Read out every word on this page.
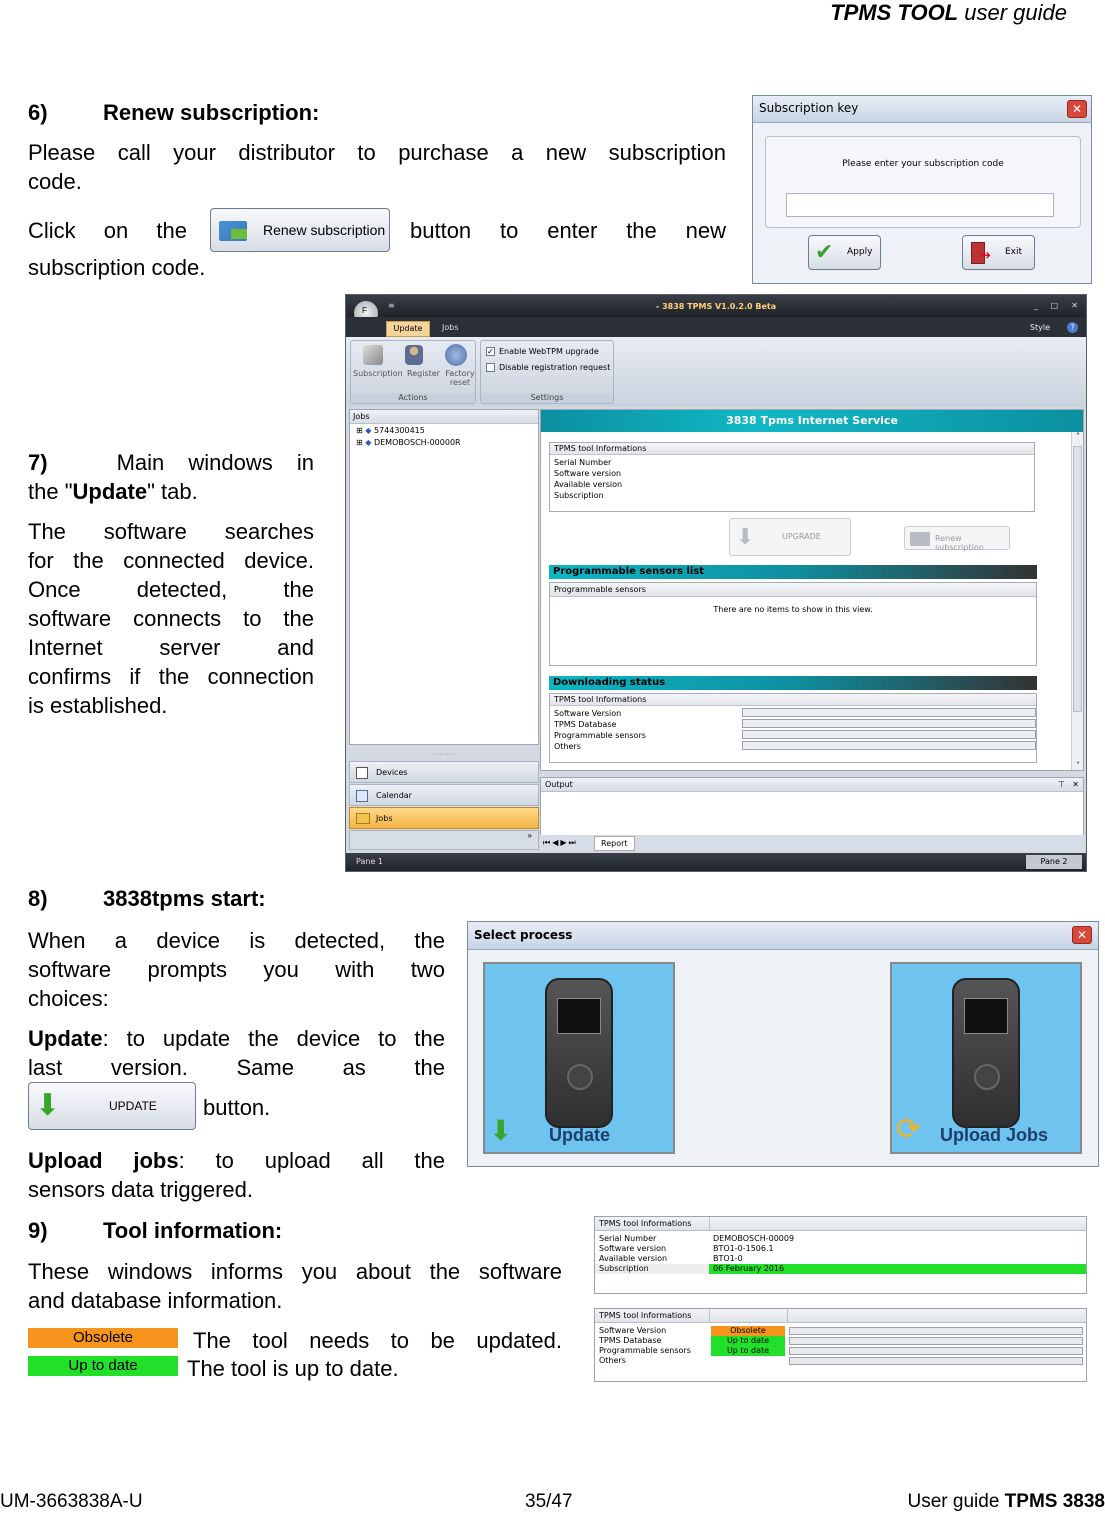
TPMS TOOL user guide
6)	Renew subscription:
Please call your distributor to purchase a new subscription
code.
Click on the	Renew subscription button to enter the new
subscription code.
Subscription key	✕
Please enter your subscription code
✔ Apply	➜ Exit
7)	Main windows in
the "Update" tab.
The software searches
for the connected device.
Once detected, the
software connects to the
Internet server and
confirms if the connection
is established.
F
≡	- 3838 TPMS V1.0.2.0 Beta	_ □ ✕
Update	Jobs	Style	?
Subscription Register Factory reset
Actions
✓ Enable WebTPM upgrade
Disable registration request
Settings
Jobs
⊞ ◆ 5744300415
⊞ ◆ DEMOBOSCH-00000R
··········
Devices
Calendar
Jobs
»
3838 Tpms Internet Service
˄
˅
TPMS tool Informations
Serial Number
Software version
Available version
Subscription
⬇	UPGRADE	Renew subscription
Programmable sensors list
Programmable sensors
There are no items to show in this view.
Downloading status
TPMS tool Informations
Software Version
TPMS Database
Programmable sensors
Others
Output	⊤ ✕
⏮◀▶⏭	Report
Pane 1	Pane 2
8)	3838tpms start:
When a device is detected, the
software prompts you with two
choices:
Update: to update the device to the
last version. Same as the
⬇	UPDATE button.
Upload jobs: to upload all the
sensors data triggered.
Select process	✕
⬇ Update	⟳ Upload Jobs
9)	Tool information:
These windows informs you about the software
and database information.
Obsolete	The tool needs to be updated.
Up to date	The tool is up to date.
TPMS tool Informations
Serial Number	DEMOBOSCH-00009
Software version	BTO1-0-1506.1
Available version	BTO1-0
Subscription	06 February 2016
TPMS tool Informations
Software Version	Obsolete
TPMS Database	Up to date
Programmable sensors	Up to date
Others
UM-3663838A-U	35/47	User guide TPMS 3838
